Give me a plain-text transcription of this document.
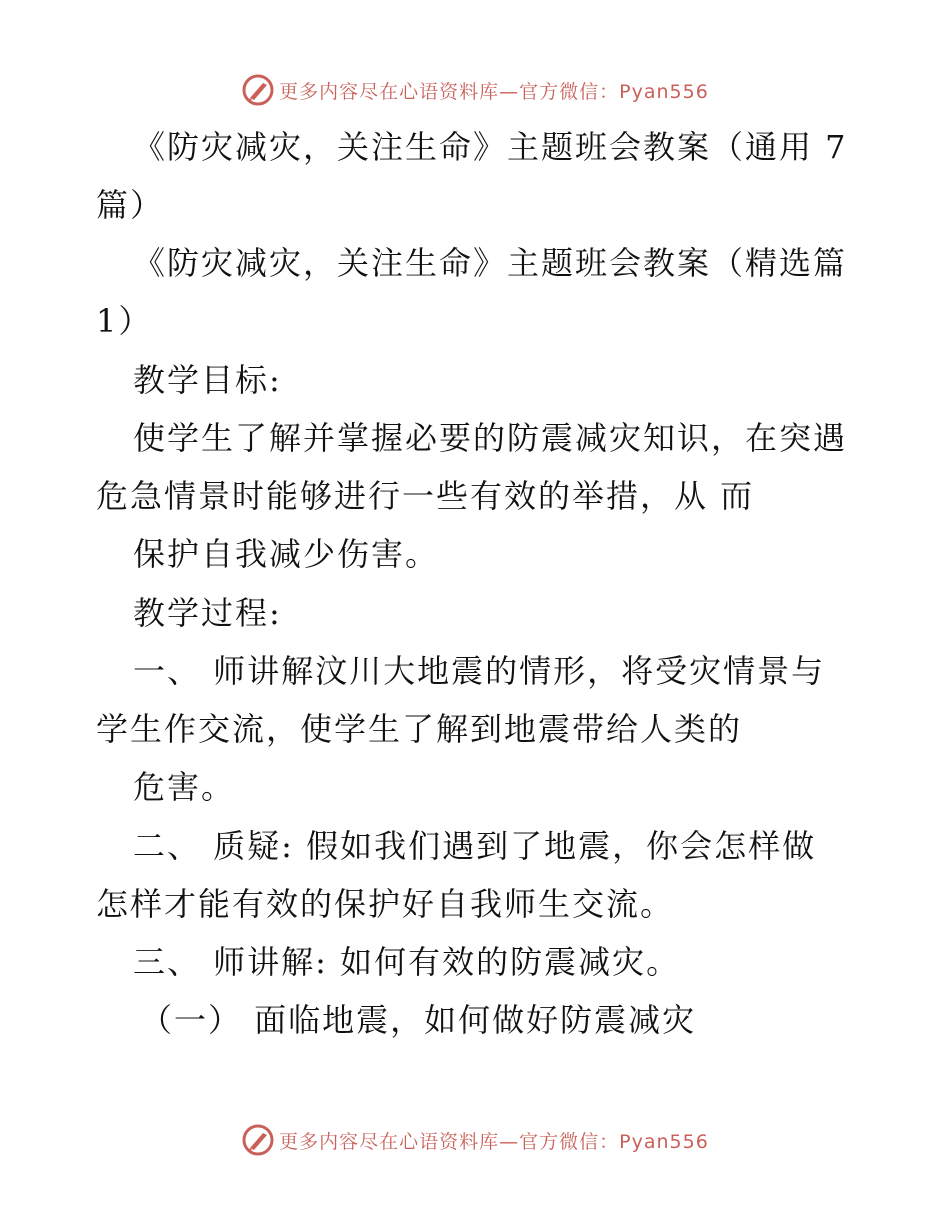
更多内容尽在心语资料库—官方微信：Pyan556
《防灾减灾，关注生命》主题班会教案（通用 7
篇）
《防灾减灾，关注生命》主题班会教案（精选篇
1）
教学目标:
使学生了解并掌握必要的防震减灾知识，在突遇
危急情景时能够进行一些有效的举措，从 而
保护自我减少伤害。
教学过程:
一、 师讲解汶川大地震的情形，将受灾情景与
学生作交流，使学生了解到地震带给人类的
危害。
二、 质疑: 假如我们遇到了地震，你会怎样做
怎样才能有效的保护好自我师生交流。
三、 师讲解: 如何有效的防震减灾。
（一） 面临地震，如何做好防震减灾
更多内容尽在心语资料库—官方微信：Pyan556
